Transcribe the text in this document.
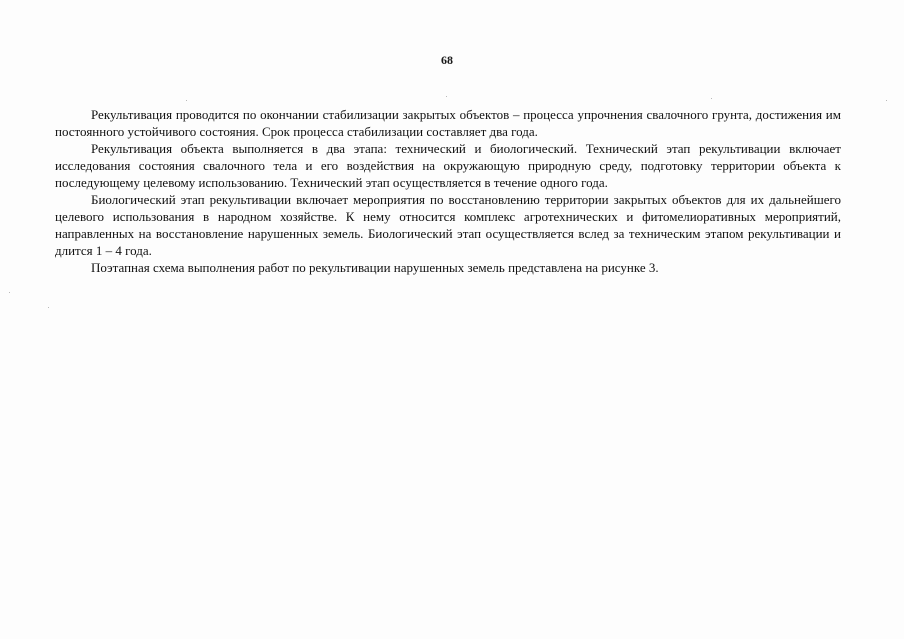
68

Рекультивация проводится по окончании стабилизации закрытых объектов – процесса упрочнения свалочного грунта, достижения им постоянного устойчивого состояния. Срок процесса стабилизации составляет два года.

Рекультивация объекта выполняется в два этапа: технический и биологический. Технический этап рекультивации включает исследования состояния свалочного тела и его воздействия на окружающую природную среду, подготовку территории объекта к последующему целевому использованию. Технический этап осуществляется в течение одного года.

Биологический этап рекультивации включает мероприятия по восстановлению территории закрытых объектов для их дальнейшего целевого использования в народном хозяйстве. К нему относится комплекс агротехнических и фитомелиоративных мероприятий, направленных на восстановление нарушенных земель. Биологический этап осуществляется вслед за техническим этапом рекультивации и длится 1 – 4 года.

Поэтапная схема выполнения работ по рекультивации нарушенных земель представлена на рисунке 3.
